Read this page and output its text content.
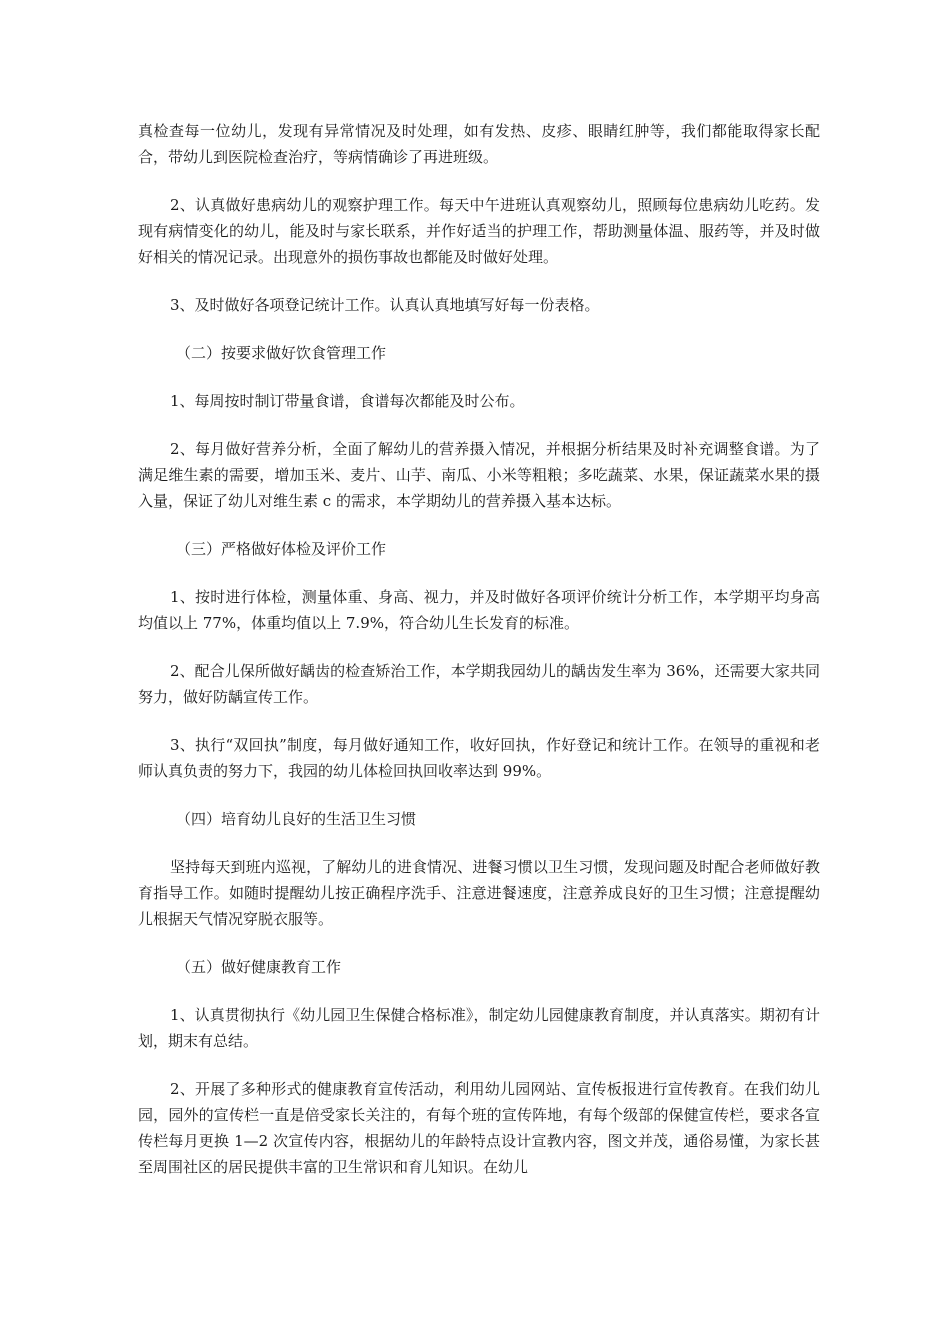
真检查每一位幼儿，发现有异常情况及时处理，如有发热、皮疹、眼睛红肿等，我们都能取得家长配合，带幼儿到医院检查治疗，等病情确诊了再进班级。

2、认真做好患病幼儿的观察护理工作。每天中午进班认真观察幼儿，照顾每位患病幼儿吃药。发现有病情变化的幼儿，能及时与家长联系，并作好适当的护理工作，帮助测量体温、服药等，并及时做好相关的情况记录。出现意外的损伤事故也都能及时做好处理。

3、及时做好各项登记统计工作。认真认真地填写好每一份表格。

（二）按要求做好饮食管理工作

1、每周按时制订带量食谱，食谱每次都能及时公布。

2、每月做好营养分析，全面了解幼儿的营养摄入情况，并根据分析结果及时补充调整食谱。为了满足维生素的需要，增加玉米、麦片、山芋、南瓜、小米等粗粮；多吃蔬菜、水果，保证蔬菜水果的摄入量，保证了幼儿对维生素 c 的需求，本学期幼儿的营养摄入基本达标。

（三）严格做好体检及评价工作

1、按时进行体检，测量体重、身高、视力，并及时做好各项评价统计分析工作，本学期平均身高均值以上 77%，体重均值以上 7.9%，符合幼儿生长发育的标准。

2、配合儿保所做好龋齿的检查矫治工作，本学期我园幼儿的龋齿发生率为 36%，还需要大家共同努力，做好防龋宣传工作。

3、执行“双回执”制度，每月做好通知工作，收好回执，作好登记和统计工作。在领导的重视和老师认真负责的努力下，我园的幼儿体检回执回收率达到 99%。

（四）培育幼儿良好的生活卫生习惯

坚持每天到班内巡视，了解幼儿的进食情况、进餐习惯以卫生习惯，发现问题及时配合老师做好教育指导工作。如随时提醒幼儿按正确程序洗手、注意进餐速度，注意养成良好的卫生习惯；注意提醒幼儿根据天气情况穿脱衣服等。

（五）做好健康教育工作

1、认真贯彻执行《幼儿园卫生保健合格标准》，制定幼儿园健康教育制度，并认真落实。期初有计划，期末有总结。

2、开展了多种形式的健康教育宣传活动，利用幼儿园网站、宣传板报进行宣传教育。在我们幼儿园，园外的宣传栏一直是倍受家长关注的，有每个班的宣传阵地，有每个级部的保健宣传栏，要求各宣传栏每月更换 1—2 次宣传内容，根据幼儿的年龄特点设计宣教内容，图文并茂，通俗易懂，为家长甚至周围社区的居民提供丰富的卫生常识和育儿知识。在幼儿
